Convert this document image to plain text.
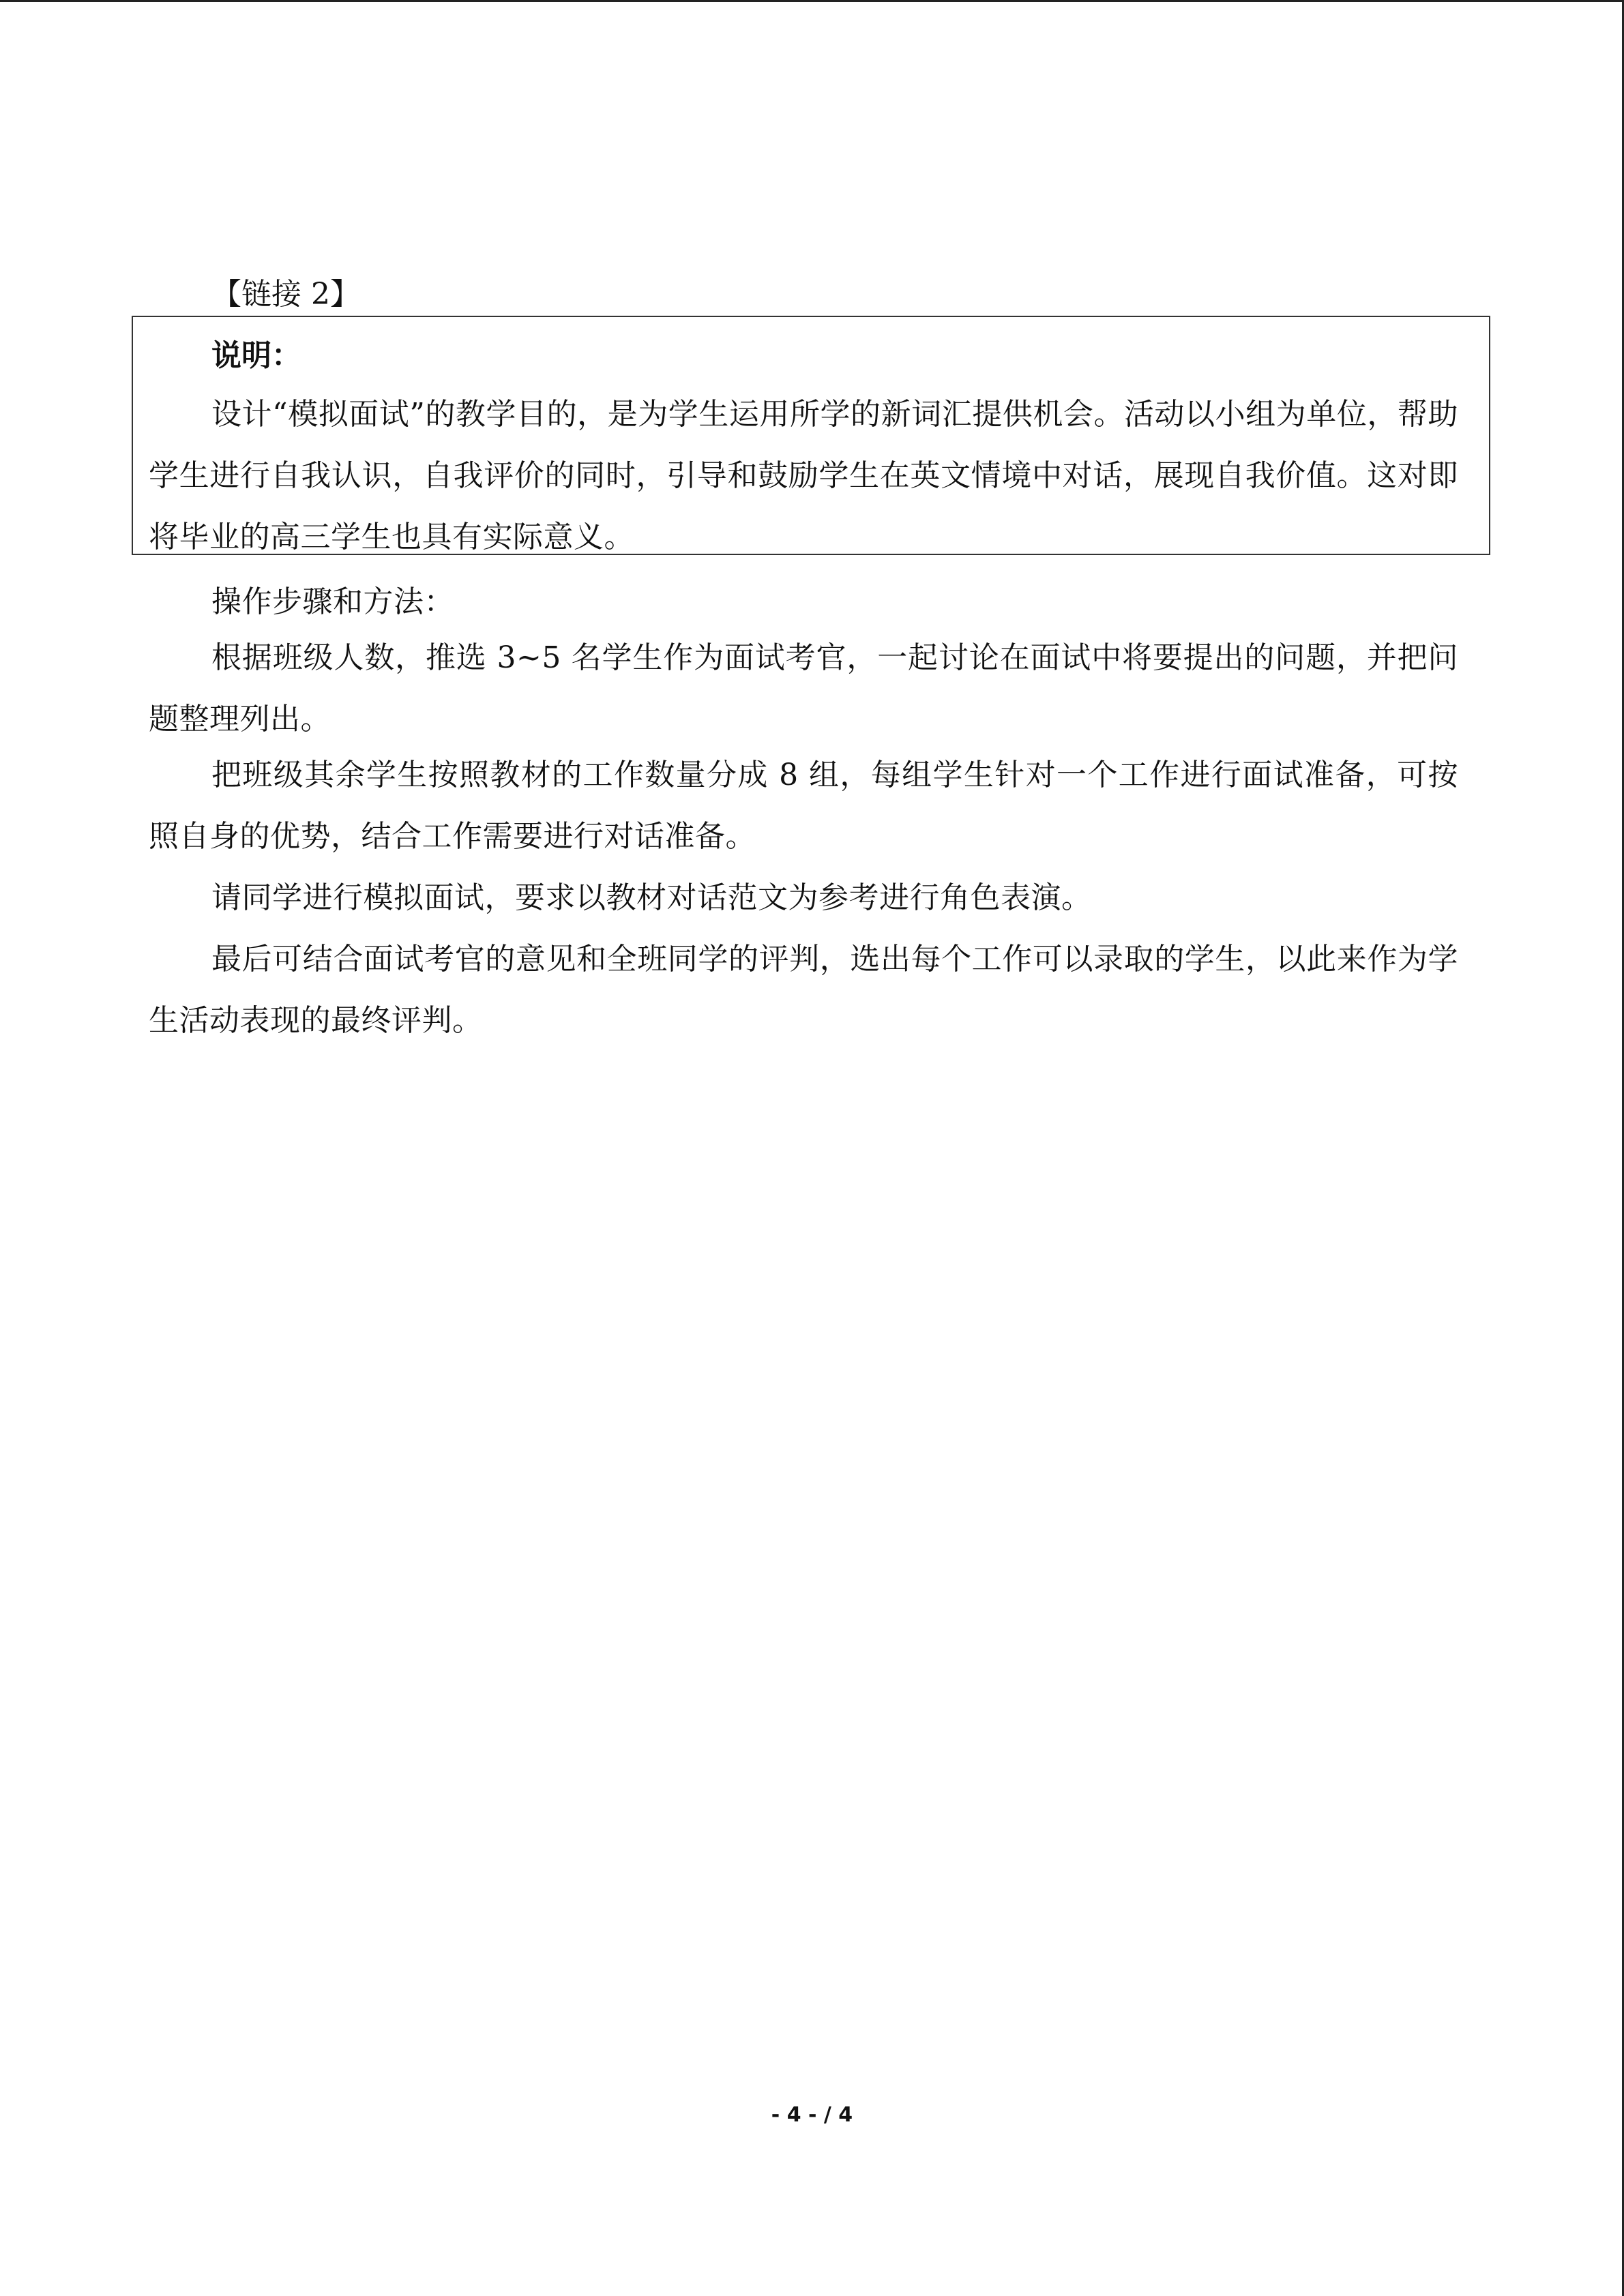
【链接 2】
说明：
设计“模拟面试”的教学目的，是为学生运用所学的新词汇提供机会。活动以小组为单位，帮助学生进行自我认识，自我评价的同时，引导和鼓励学生在英文情境中对话，展现自我价值。这对即将毕业的高三学生也具有实际意义。
操作步骤和方法：
根据班级人数，推选 3~5 名学生作为面试考官，一起讨论在面试中将要提出的问题，并把问题整理列出。
把班级其余学生按照教材的工作数量分成 8 组，每组学生针对一个工作进行面试准备，可按照自身的优势，结合工作需要进行对话准备。
请同学进行模拟面试，要求以教材对话范文为参考进行角色表演。
最后可结合面试考官的意见和全班同学的评判，选出每个工作可以录取的学生，以此来作为学生活动表现的最终评判。
- 4 - / 4
